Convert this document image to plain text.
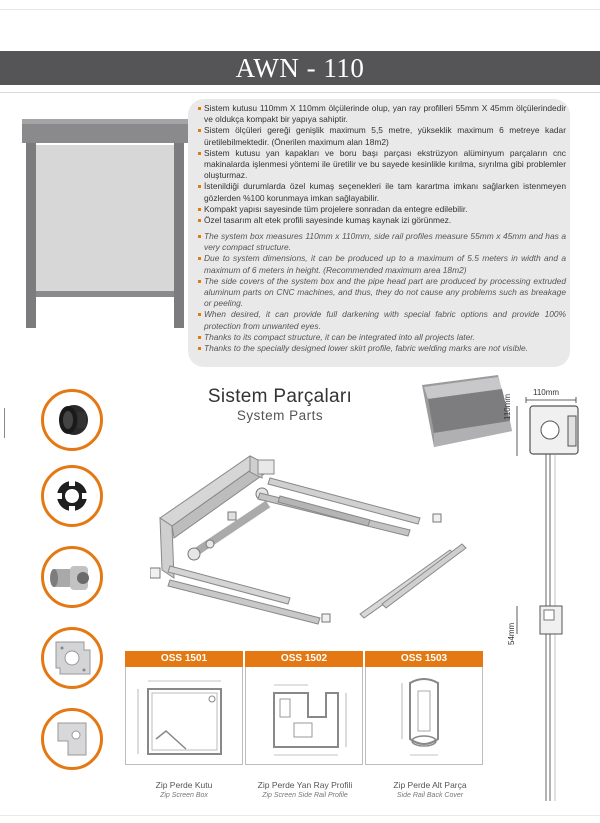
AWN - 110
Sistem kutusu 110mm X 110mm ölçülerinde olup, yan ray profilleri 55mm X 45mm ölçülerindedir ve oldukça kompakt bir yapıya sahiptir.
Sistem ölçüleri gereği genişlik maximum 5,5 metre, yükseklik maximum 6 metreye kadar üretilebilmektedir. (Önerilen maximum alan 18m2)
Sistem kutusu yan kapakları ve boru başı parçası ekstrüzyon alüminyum parçaların cnc makinalarda işlenmesi yöntemi ile üretilir ve bu sayede kesinlikle kırılma, sıyrılma gibi problemler oluşturmaz.
İstenildiği durumlarda özel kumaş seçenekleri ile tam karartma imkanı sağlarken istenmeyen gözlerden %100 korunmaya imkan sağlayabilir.
Kompakt yapısı sayesinde tüm projelere sonradan da entegre edilebilir.
Özel tasarım alt etek profili sayesinde kumaş kaynak izi görünmez.
The system box measures 110mm x 110mm, side rail profiles measure 55mm x 45mm and has a very compact structure.
Due to system dimensions, it can be produced up to a maximum of 5.5 meters in width and a maximum of 6 meters in height. (Recommended maximum area 18m2)
The side covers of the system box and the pipe head part are produced by processing extruded aluminum parts on CNC machines, and thus, they do not cause any problems such as breakage or peeling.
When desired, it can provide full darkening with special fabric options and provide 100% protection from unwanted eyes.
Thanks to its compact structure, it can be integrated into all projects later.
Thanks to the specially designed lower skirt profile, fabric welding marks are not visible.
Sistem Parçaları
System Parts
110mm
110mm
54mm
OSS 1501	OSS 1502	OSS 1503
Zip Perde Kutu
Zip Screen Box
Zip Perde Yan Ray Profili
Zip Screen Side Rail Profile
Zip Perde Alt Parça
Side Rail Back Cover
